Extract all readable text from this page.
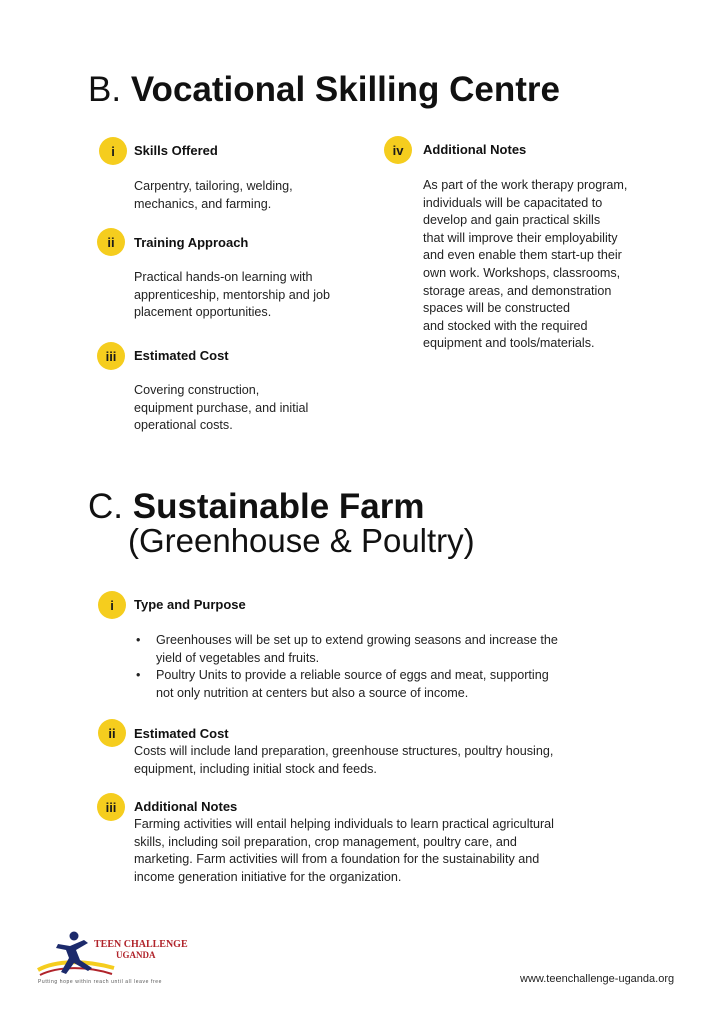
B. Vocational Skilling Centre
i	Skills Offered
Carpentry, tailoring, welding,
mechanics, and farming.
ii	Training Approach
Practical hands-on learning with
apprenticeship, mentorship and job
placement opportunities.
iii	Estimated Cost
Covering construction,
equipment purchase, and initial
operational costs.
iv	Additional Notes
As part of the work therapy program,
individuals will be capacitated to
develop and gain practical skills
that will improve their employability
and even enable them start-up their
own work. Workshops, classrooms,
storage areas, and demonstration
spaces will be constructed
and stocked with the required
equipment and tools/materials.
C. Sustainable Farm
(Greenhouse & Poultry)
i	Type and Purpose
• Greenhouses will be set up to extend growing seasons and increase the
yield of vegetables and fruits.
• Poultry Units to provide a reliable source of eggs and meat, supporting
not only nutrition at centers but also a source of income.
ii	Estimated Cost
Costs will include land preparation, greenhouse structures, poultry housing,
equipment, including initial stock and feeds.
iii	Additional Notes
Farming activities will entail helping individuals to learn practical agricultural
skills, including soil preparation, crop management, poultry care, and
marketing. Farm activities will from a foundation for the sustainability and
income generation initiative for the organization.
TEEN CHALLENGE
UGANDA
Putting hope within reach until all leave free	www.teenchallenge-uganda.org
